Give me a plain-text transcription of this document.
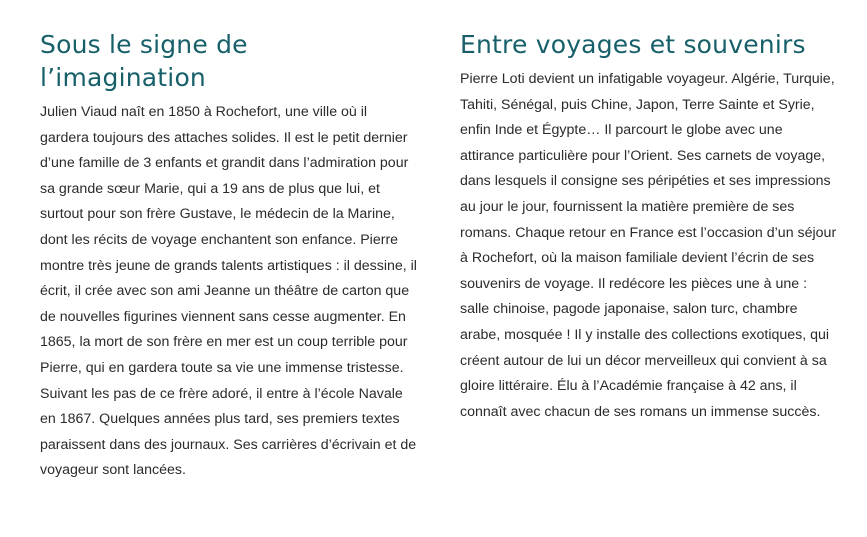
Sous le signe de l’imagination

Julien Viaud naît en 1850 à Rochefort, une ville où il gardera toujours des attaches solides. Il est le petit dernier d’une famille de 3 enfants et grandit dans l’admiration pour sa grande sœur Marie, qui a 19 ans de plus que lui, et surtout pour son frère Gustave, le médecin de la Marine, dont les récits de voyage enchantent son enfance. Pierre montre très jeune de grands talents artistiques : il dessine, il écrit, il crée avec son ami Jeanne un théâtre de carton que de nouvelles figurines viennent sans cesse augmenter. En 1865, la mort de son frère en mer est un coup terrible pour Pierre, qui en gardera toute sa vie une immense tristesse. Suivant les pas de ce frère adoré, il entre à l’école Navale en 1867. Quelques années plus tard, ses premiers textes paraissent dans des journaux. Ses carrières d’écrivain et de voyageur sont lancées.

Entre voyages et souvenirs

Pierre Loti devient un infatigable voyageur. Algérie, Turquie, Tahiti, Sénégal, puis Chine, Japon, Terre Sainte et Syrie, enfin Inde et Égypte… Il parcourt le globe avec une attirance particulière pour l’Orient. Ses carnets de voyage, dans lesquels il consigne ses péripéties et ses impressions au jour le jour, fournissent la matière première de ses romans. Chaque retour en France est l’occasion d’un séjour à Rochefort, où la maison familiale devient l’écrin de ses souvenirs de voyage. Il redécore les pièces une à une : salle chinoise, pagode japonaise, salon turc, chambre arabe, mosquée ! Il y installe des collections exotiques, qui créent autour de lui un décor merveilleux qui convient à sa gloire littéraire. Élu à l’Académie française à 42 ans, il connaît avec chacun de ses romans un immense succès.
